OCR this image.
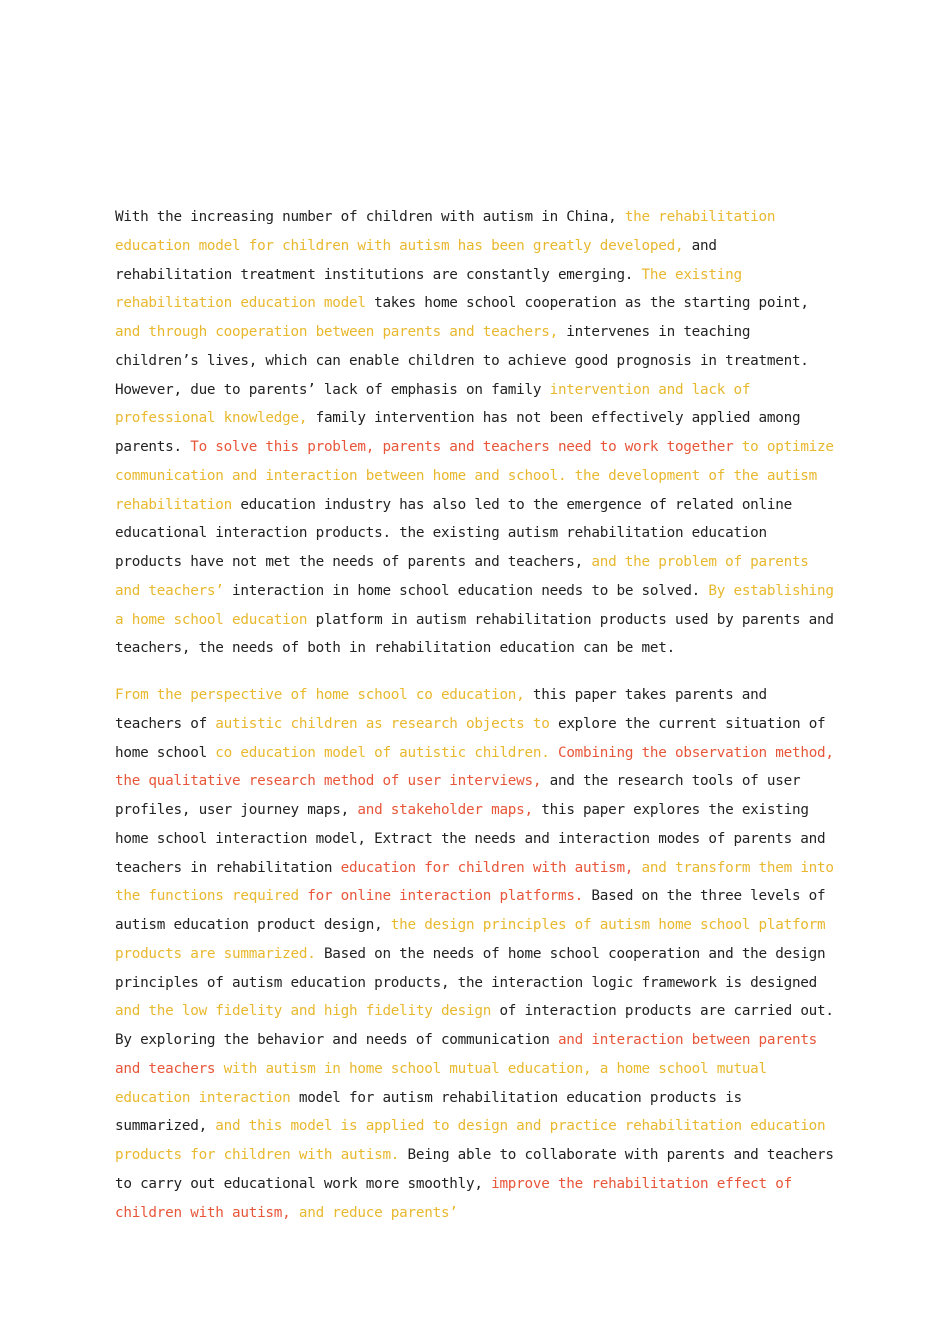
With the increasing number of children with autism in China, the rehabilitation education model for children with autism has been greatly developed, and rehabilitation treatment institutions are constantly emerging. The existing rehabilitation education model takes home school cooperation as the starting point, and through cooperation between parents and teachers, intervenes in teaching children’s lives, which can enable children to achieve good prognosis in treatment. However, due to parents’ lack of emphasis on family intervention and lack of professional knowledge, family intervention has not been effectively applied among parents. To solve this problem, parents and teachers need to work together to optimize communication and interaction between home and school. the development of the autism rehabilitation education industry has also led to the emergence of related online educational interaction products. the existing autism rehabilitation education products have not met the needs of parents and teachers, and the problem of parents and teachers’ interaction in home school education needs to be solved. By establishing a home school education platform in autism rehabilitation products used by parents and teachers, the needs of both in rehabilitation education can be met.

From the perspective of home school co education, this paper takes parents and teachers of autistic children as research objects to explore the current situation of home school co education model of autistic children. Combining the observation method, the qualitative research method of user interviews, and the research tools of user profiles, user journey maps, and stakeholder maps, this paper explores the existing home school interaction model, Extract the needs and interaction modes of parents and teachers in rehabilitation education for children with autism, and transform them into the functions required for online interaction platforms. Based on the three levels of autism education product design, the design principles of autism home school platform products are summarized. Based on the needs of home school cooperation and the design principles of autism education products, the interaction logic framework is designed and the low fidelity and high fidelity design of interaction products are carried out. By exploring the behavior and needs of communication and interaction between parents and teachers with autism in home school mutual education, a home school mutual education interaction model for autism rehabilitation education products is summarized, and this model is applied to design and practice rehabilitation education products for children with autism. Being able to collaborate with parents and teachers to carry out educational work more smoothly, improve the rehabilitation effect of children with autism, and reduce parents’
